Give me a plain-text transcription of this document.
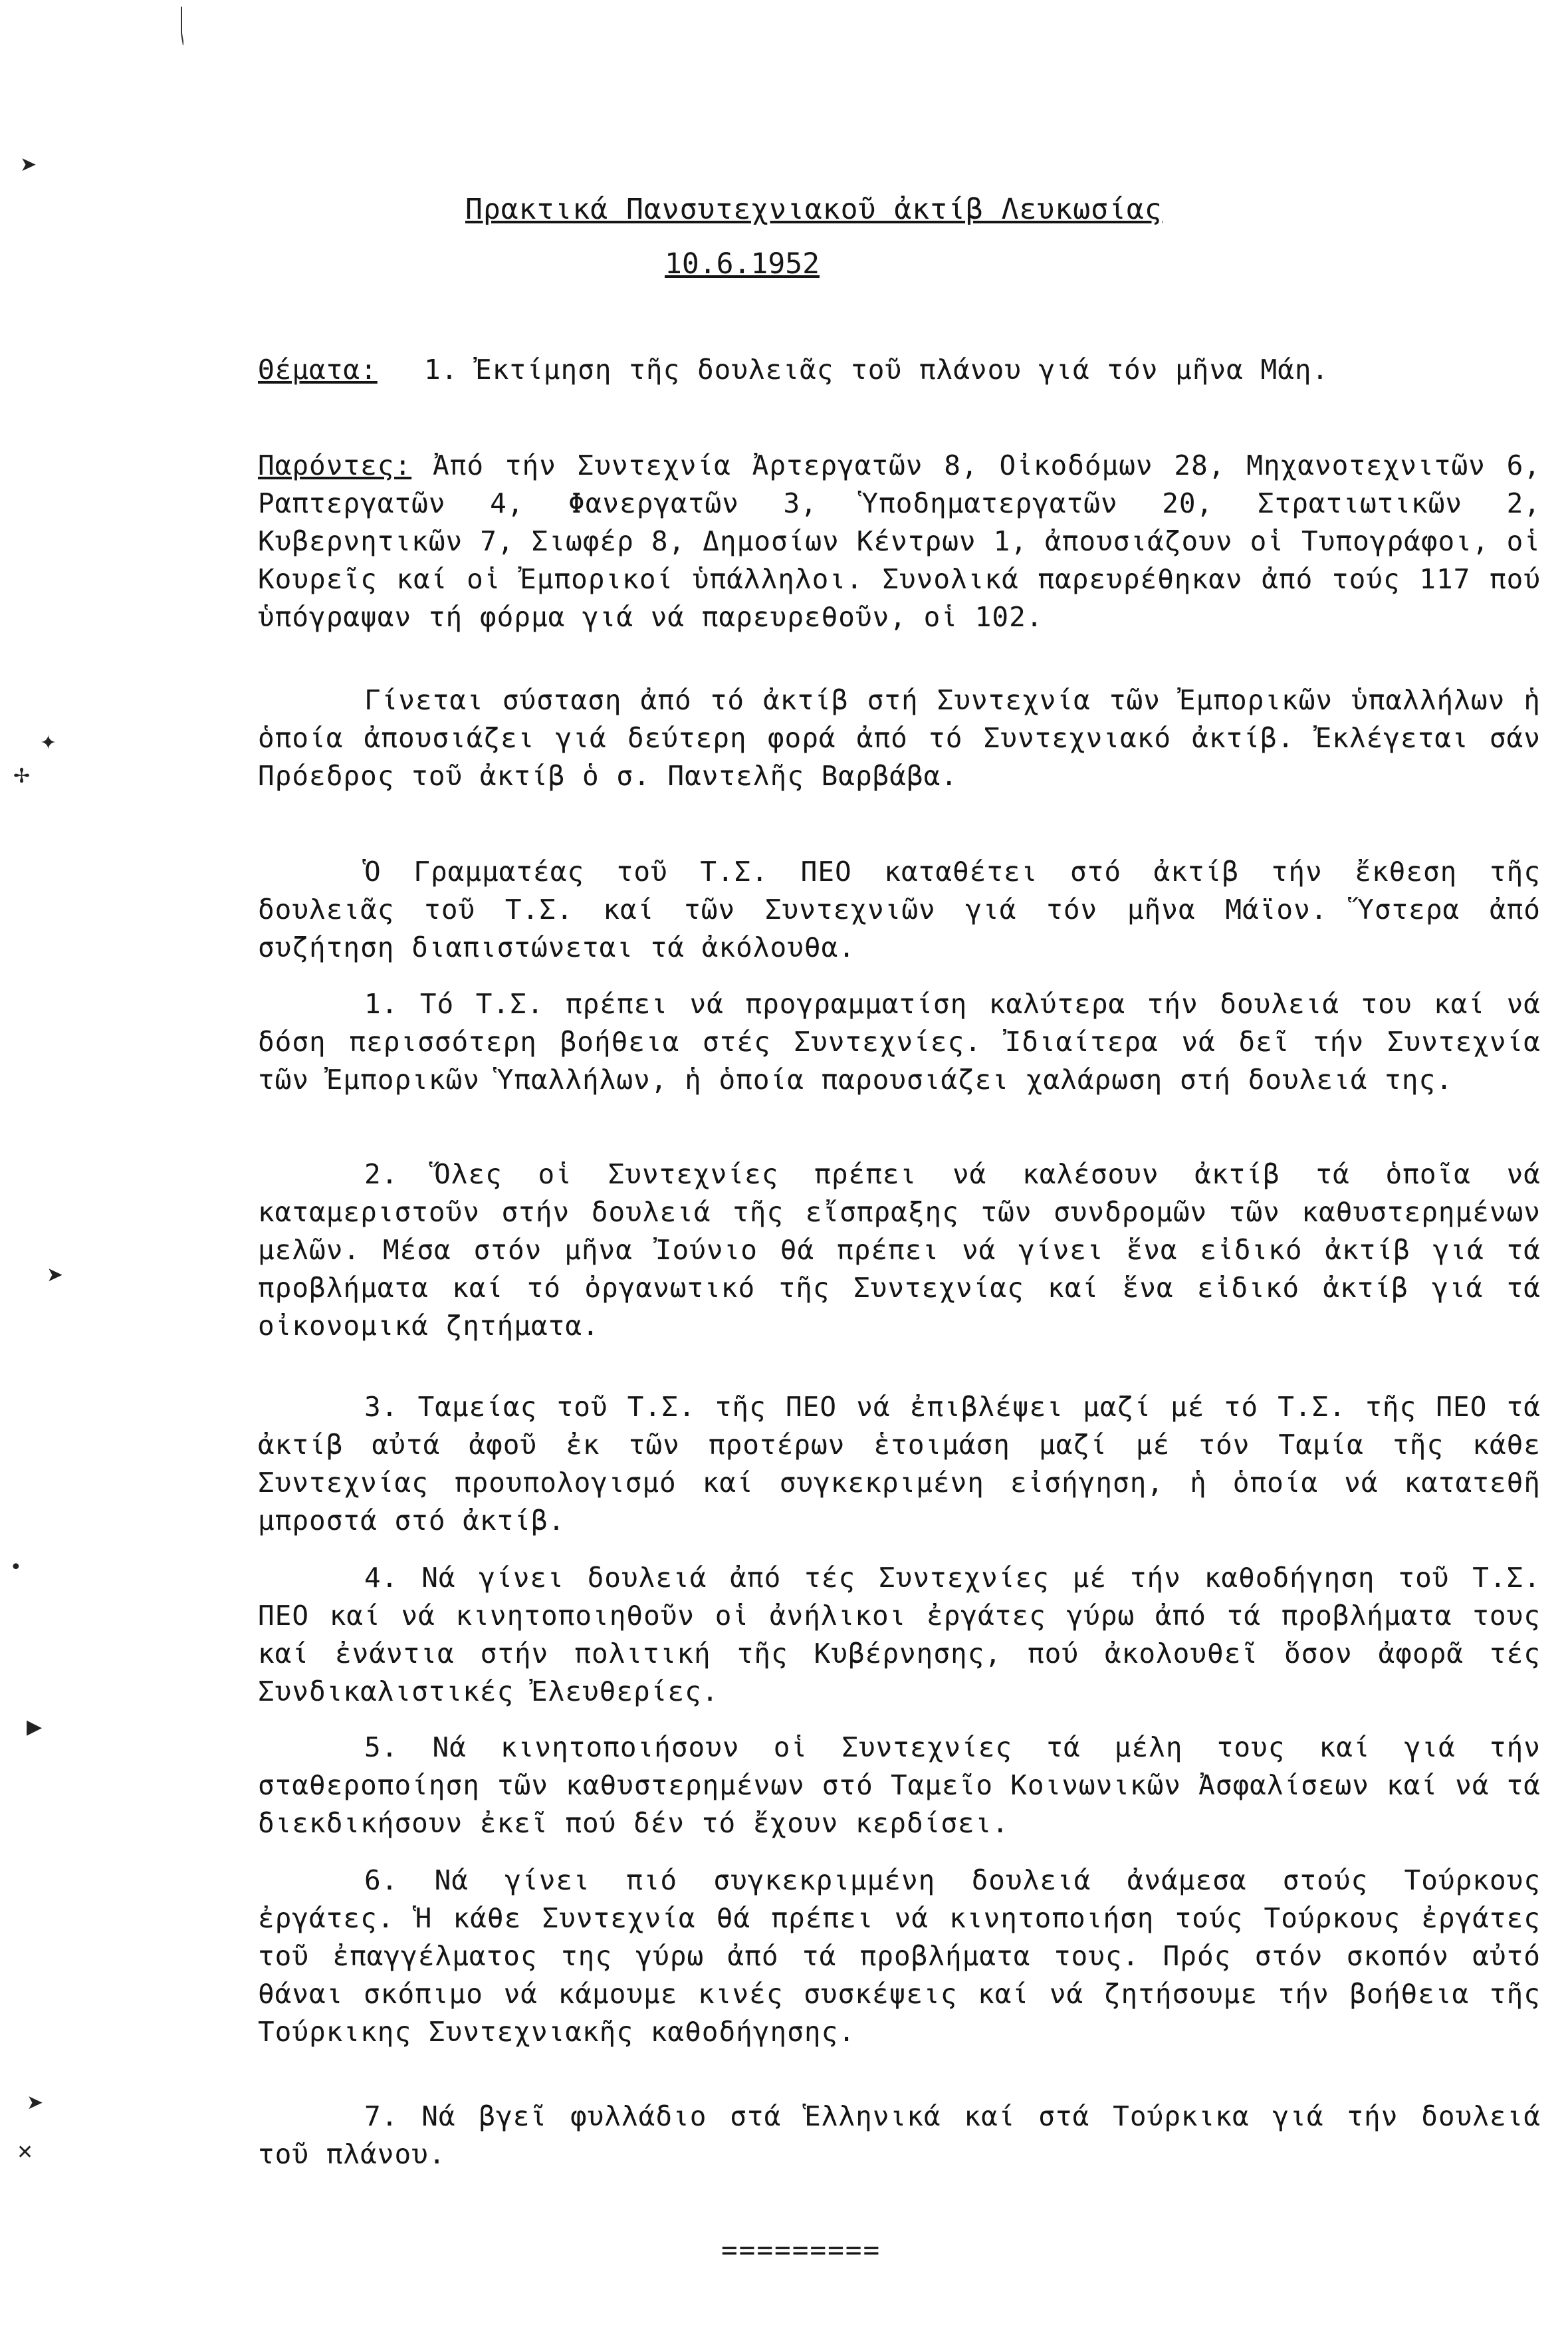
➤
✦
✢
➤
•
▶
➤
✕
Πρακτικά Πανσυτεχνιακοῦ ἀκτίβ Λευκωσίας
10.6.1952
Θέματα: 1. Ἐκτίμηση τῆς δουλειᾶς τοῦ πλάνου γιά τόν μῆνα Μάη.
Παρόντες: Ἀπό τήν Συντεχνία Ἀρτεργατῶν 8, Οἰκοδόμων 28, Μηχανοτεχνιτῶν 6, Ραπτεργατῶν 4, Φανεργατῶν 3, Ὑποδηματεργατῶν 20, Στρατιωτικῶν 2, Κυβερνητικῶν 7, Σιωφέρ 8, Δημοσίων Κέντρων 1, ἀπουσιάζουν οἱ Τυπογράφοι, οἱ Κουρεῖς καί οἱ Ἐμπορικοί ὑπάλληλοι. Συνολικά παρευρέθηκαν ἀπό τούς 117 πού ὑπόγραψαν τή φόρμα γιά νά παρευρεθοῦν, οἱ 102.
Γίνεται σύσταση ἀπό τό ἀκτίβ στή Συντεχνία τῶν Ἐμπορικῶν ὑπαλλήλων ἡ ὁποία ἀπουσιάζει γιά δεύτερη φορά ἀπό τό Συντεχνιακό ἀκτίβ. Ἐκλέγεται σάν Πρόεδρος τοῦ ἀκτίβ ὁ σ. Παντελῆς Βαρβάβα.
Ὁ Γραμματέας τοῦ Τ.Σ. ΠΕΟ καταθέτει στό ἀκτίβ τήν ἔκθεση τῆς δουλειᾶς τοῦ Τ.Σ. καί τῶν Συντεχνιῶν γιά τόν μῆνα Μάϊον. Ὕστερα ἀπό συζήτηση διαπιστώνεται τά ἀκόλουθα.
1. Τό Τ.Σ. πρέπει νά προγραμματίση καλύτερα τήν δουλειά του καί νά δόση περισσότερη βοήθεια στές Συντεχνίες. Ἰδιαίτερα νά δεῖ τήν Συντεχνία τῶν Ἐμπορικῶν Ὑπαλλήλων, ἡ ὁποία παρουσιάζει χαλάρωση στή δουλειά της.
2. Ὅλες οἱ Συντεχνίες πρέπει νά καλέσουν ἀκτίβ τά ὁποῖα νά καταμεριστοῦν στήν δουλειά τῆς εἴσπραξης τῶν συνδρομῶν τῶν καθυστερημένων μελῶν. Μέσα στόν μῆνα Ἰούνιο θά πρέπει νά γίνει ἕνα εἰδικό ἀκτίβ γιά τά προβλήματα καί τό ὀργανωτικό τῆς Συντεχνίας καί ἕνα εἰδικό ἀκτίβ γιά τά οἰκονομικά ζητήματα.
3. Ταμείας τοῦ Τ.Σ. τῆς ΠΕΟ νά ἐπιβλέψει μαζί μέ τό Τ.Σ. τῆς ΠΕΟ τά ἀκτίβ αὐτά ἀφοῦ ἐκ τῶν προτέρων ἑτοιμάση μαζί μέ τόν Ταμία τῆς κάθε Συντεχνίας προυπολογισμό καί συγκεκριμένη εἰσήγηση, ἡ ὁποία νά κατατεθῆ μπροστά στό ἀκτίβ.
4. Νά γίνει δουλειά ἀπό τές Συντεχνίες μέ τήν καθοδήγηση τοῦ Τ.Σ. ΠΕΟ καί νά κινητοποιηθοῦν οἱ ἀνήλικοι ἐργάτες γύρω ἀπό τά προβλήματα τους καί ἐνάντια στήν πολιτική τῆς Κυβέρνησης, πού ἀκολουθεῖ ὅσον ἀφορᾶ τές Συνδικαλιστικές Ἐλευθερίες.
5. Νά κινητοποιήσουν οἱ Συντεχνίες τά μέλη τους καί γιά τήν σταθεροποίηση τῶν καθυστερημένων στό Ταμεῖο Κοινωνικῶν Ἀσφαλίσεων καί νά τά διεκδικήσουν ἐκεῖ πού δέν τό ἔχουν κερδίσει.
6. Νά γίνει πιό συγκεκριμμένη δουλειά ἀνάμεσα στούς Τούρκους ἐργάτες. Ἡ κάθε Συντεχνία θά πρέπει νά κινητοποιήση τούς Τούρκους ἐργάτες τοῦ ἐπαγγέλματος της γύρω ἀπό τά προβλήματα τους. Πρός στόν σκοπόν αὐτό θάναι σκόπιμο νά κάμουμε κινές συσκέψεις καί νά ζητήσουμε τήν βοήθεια τῆς Τούρκικης Συντεχνιακῆς καθοδήγησης.
7. Νά βγεῖ φυλλάδιο στά Ἑλληνικά καί στά Τούρκικα γιά τήν δουλειά τοῦ πλάνου.
=========
